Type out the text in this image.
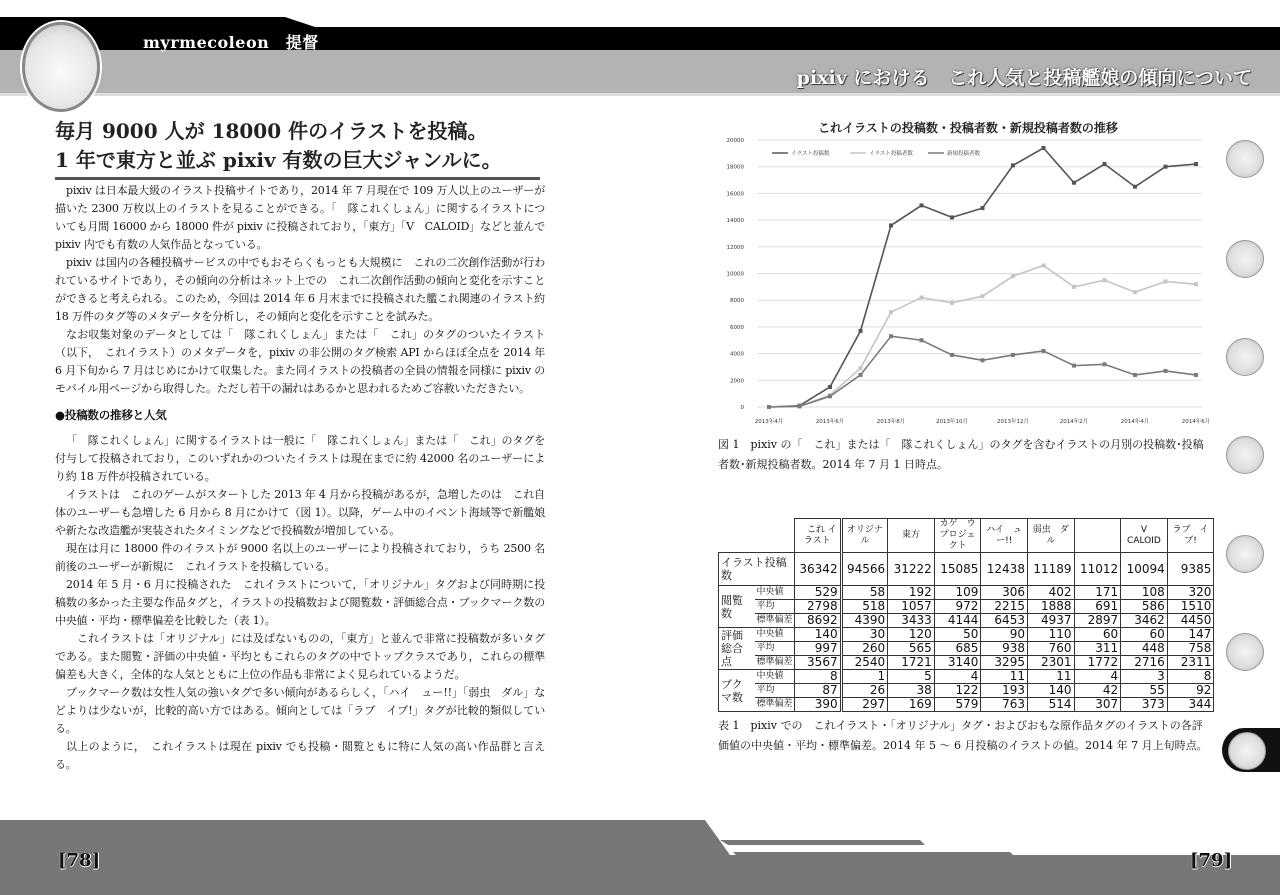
myrmecoleon　提督
pixiv における　これ人気と投稿艦娘の傾向について
毎月 9000 人が 18000 件のイラストを投稿。
1 年で東方と並ぶ pixiv 有数の巨大ジャンルに。

pixiv は日本最大級のイラスト投稿サイトであり，2014 年 7 月現在で 109 万人以上のユーザーが描いた 2300 万枚以上のイラストを見ることができる。「　隊これくしょん」に関するイラストについても月間 16000 から 18000 件が pixiv に投稿されており，「東方」「V　CALOID」などと並んで pixiv 内でも有数の人気作品となっている。

pixiv は国内の各種投稿サービスの中でもおそらくもっとも大規模に　これの二次創作活動が行われているサイトであり，その傾向の分析はネット上での　これ二次創作活動の傾向と変化を示すことができると考えられる。このため，今回は 2014 年 6 月末までに投稿された艦これ関連のイラスト約 18 万件のタグ等のメタデータを分析し，その傾向と変化を示すことを試みた。

なお収集対象のデータとしては「　隊これくしょん」または「　これ」のタグのついたイラスト（以下，　これイラスト）のメタデータを，pixiv の非公開のタグ検索 API からほぼ全点を 2014 年 6 月下旬から 7 月はじめにかけて収集した。また同イラストの投稿者の全員の情報を同様に pixiv のモバイル用ページから取得した。ただし若干の漏れはあるかと思われるためご容赦いただきたい。

●投稿数の推移と人気

「　隊これくしょん」に関するイラストは一般に「　隊これくしょん」または「　これ」のタグを付与して投稿されており，このいずれかのついたイラストは現在までに約 42000 名のユーザーにより約 18 万件が投稿されている。

イラストは　これのゲームがスタートした 2013 年 4 月から投稿があるが，急増したのは　これ自体のユーザーも急増した 6 月から 8 月にかけて（図 1）。以降，ゲーム中のイベント海域等で新艦娘や新たな改造艦が実装されたタイミングなどで投稿数が増加している。

現在は月に 18000 件のイラストが 9000 名以上のユーザーにより投稿されており，うち 2500 名前後のユーザーが新規に　これイラストを投稿している。

2014 年 5 月・6 月に投稿された　これイラストについて，「オリジナル」タグおよび同時期に投稿数の多かった主要な作品タグと，イラストの投稿数および閲覧数・評価総合点・ブックマーク数の中央値・平均・標準偏差を比較した（表 1）。

　これイラストは「オリジナル」には及ばないものの，「東方」と並んで非常に投稿数が多いタグである。また閲覧・評価の中央値・平均ともこれらのタグの中でトップクラスであり，これらの標準偏差も大きく，全体的な人気とともに上位の作品も非常によく見られているようだ。

ブックマーク数は女性人気の強いタグで多い傾向があるらしく，「ハイ　ュー!!」「弱虫　ダル」などよりは少ないが，比較的高い方ではある。傾向としては「ラブ　イブ!」タグが比較的類似している。

以上のように，　これイラストは現在 pixiv でも投稿・閲覧ともに特に人気の高い作品群と言える。

　これイラストの投稿数・投稿者数・新規投稿者数の推移
0
2000
4000
6000
8000
10000
12000
14000
16000
18000
20000
2013年4月	2013年6月	2013年8月	2013年10月	2013年12月	2014年2月	2014年4月	2014年6月
イラスト投稿数	イラスト投稿者数	新規投稿者数
図 1　pixiv の「　これ」または「　隊これくしょん」のタグを含むイラストの月別の投稿数･投稿者数･新規投稿者数。2014 年 7 月 1 日時点。
		　これ イラスト	オリジナル	東方	カゲ　ウ プロジェクト	ハイ　ュー!!	弱虫　ダル		V　CALOID	ラブ　イブ!
イラスト投稿数		36342	94566	31222	15085	12438	11189	11012	10094	9385
閲覧数	中央値	529	58	192	109	306	402	171	108	320
	平均	2798	518	1057	972	2215	1888	691	586	1510
	標準偏差	8692	4390	3433	4144	6453	4937	2897	3462	4450
評価総合点	中央値	140	30	120	50	90	110	60	60	147
	平均	997	260	565	685	938	760	311	448	758
	標準偏差	3567	2540	1721	3140	3295	2301	1772	2716	2311
ブクマ数	中央値	8	1	5	4	11	11	4	3	8
	平均	87	26	38	122	193	140	42	55	92
	標準偏差	390	297	169	579	763	514	307	373	344
表 1　pixiv での　これイラスト・「オリジナル」タグ・およびおもな原作品タグのイラストの各評価値の中央値・平均・標準偏差。2014 年 5 ～ 6 月投稿のイラストの値。2014 年 7 月上旬時点。
[78]	[79]
